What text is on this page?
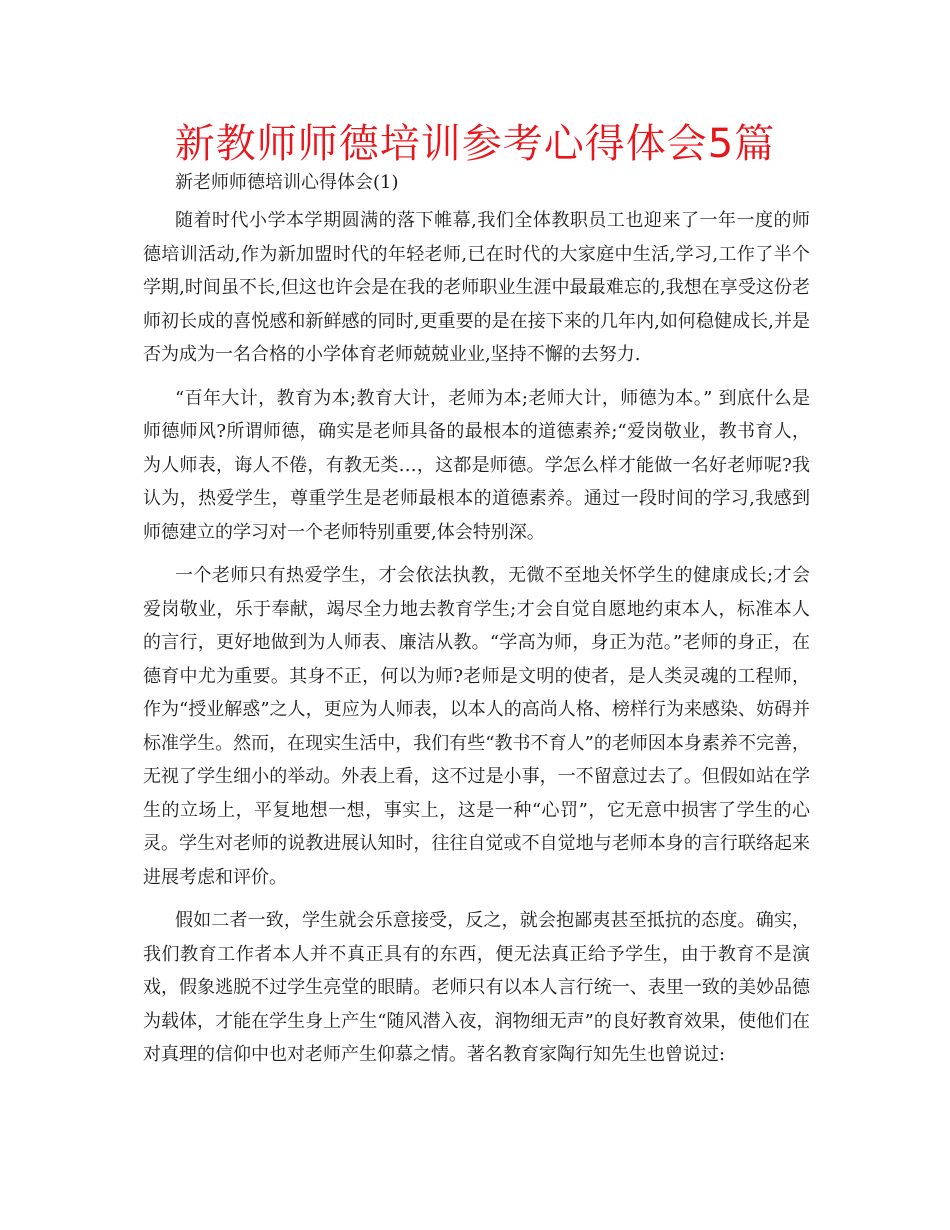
新教师师德培训参考心得体会5篇

新老师师德培训心得体会(1)

随着时代小学本学期圆满的落下帷幕,我们全体教职员工也迎来了一年一度的师德培训活动,作为新加盟时代的年轻老师,已在时代的大家庭中生活,学习,工作了半个学期,时间虽不长,但这也许会是在我的老师职业生涯中最最难忘的,我想在享受这份老师初长成的喜悦感和新鲜感的同时,更重要的是在接下来的几年内,如何稳健成长,并是否为成为一名合格的小学体育老师兢兢业业,坚持不懈的去努力.

“百年大计，教育为本;教育大计，老师为本;老师大计，师德为本。” 到底什么是师德师风?所谓师德，确实是老师具备的最根本的道德素养;“爱岗敬业，教书育人，为人师表，诲人不倦，有教无类…，这都是师德。学怎么样才能做一名好老师呢?我认为，热爱学生，尊重学生是老师最根本的道德素养。通过一段时间的学习,我感到师德建立的学习对一个老师特别重要,体会特别深。

一个老师只有热爱学生，才会依法执教，无微不至地关怀学生的健康成长;才会爱岗敬业，乐于奉献，竭尽全力地去教育学生;才会自觉自愿地约束本人，标准本人的言行，更好地做到为人师表、廉洁从教。“学高为师，身正为范。”老师的身正，在德育中尤为重要。其身不正，何以为师?老师是文明的使者，是人类灵魂的工程师，作为“授业解惑”之人，更应为人师表，以本人的高尚人格、榜样行为来感染、妨碍并标准学生。然而，在现实生活中，我们有些“教书不育人”的老师因本身素养不完善，无视了学生细小的举动。外表上看，这不过是小事，一不留意过去了。但假如站在学生的立场上，平复地想一想，事实上，这是一种“心罚”，它无意中损害了学生的心灵。学生对老师的说教进展认知时，往往自觉或不自觉地与老师本身的言行联络起来进展考虑和评价。

假如二者一致，学生就会乐意接受，反之，就会抱鄙夷甚至抵抗的态度。确实，我们教育工作者本人并不真正具有的东西，便无法真正给予学生，由于教育不是演戏，假象逃脱不过学生亮堂的眼睛。老师只有以本人言行统一、表里一致的美妙品德为载体，才能在学生身上产生“随风潜入夜，润物细无声”的良好教育效果，使他们在对真理的信仰中也对老师产生仰慕之情。著名教育家陶行知先生也曾说过:
